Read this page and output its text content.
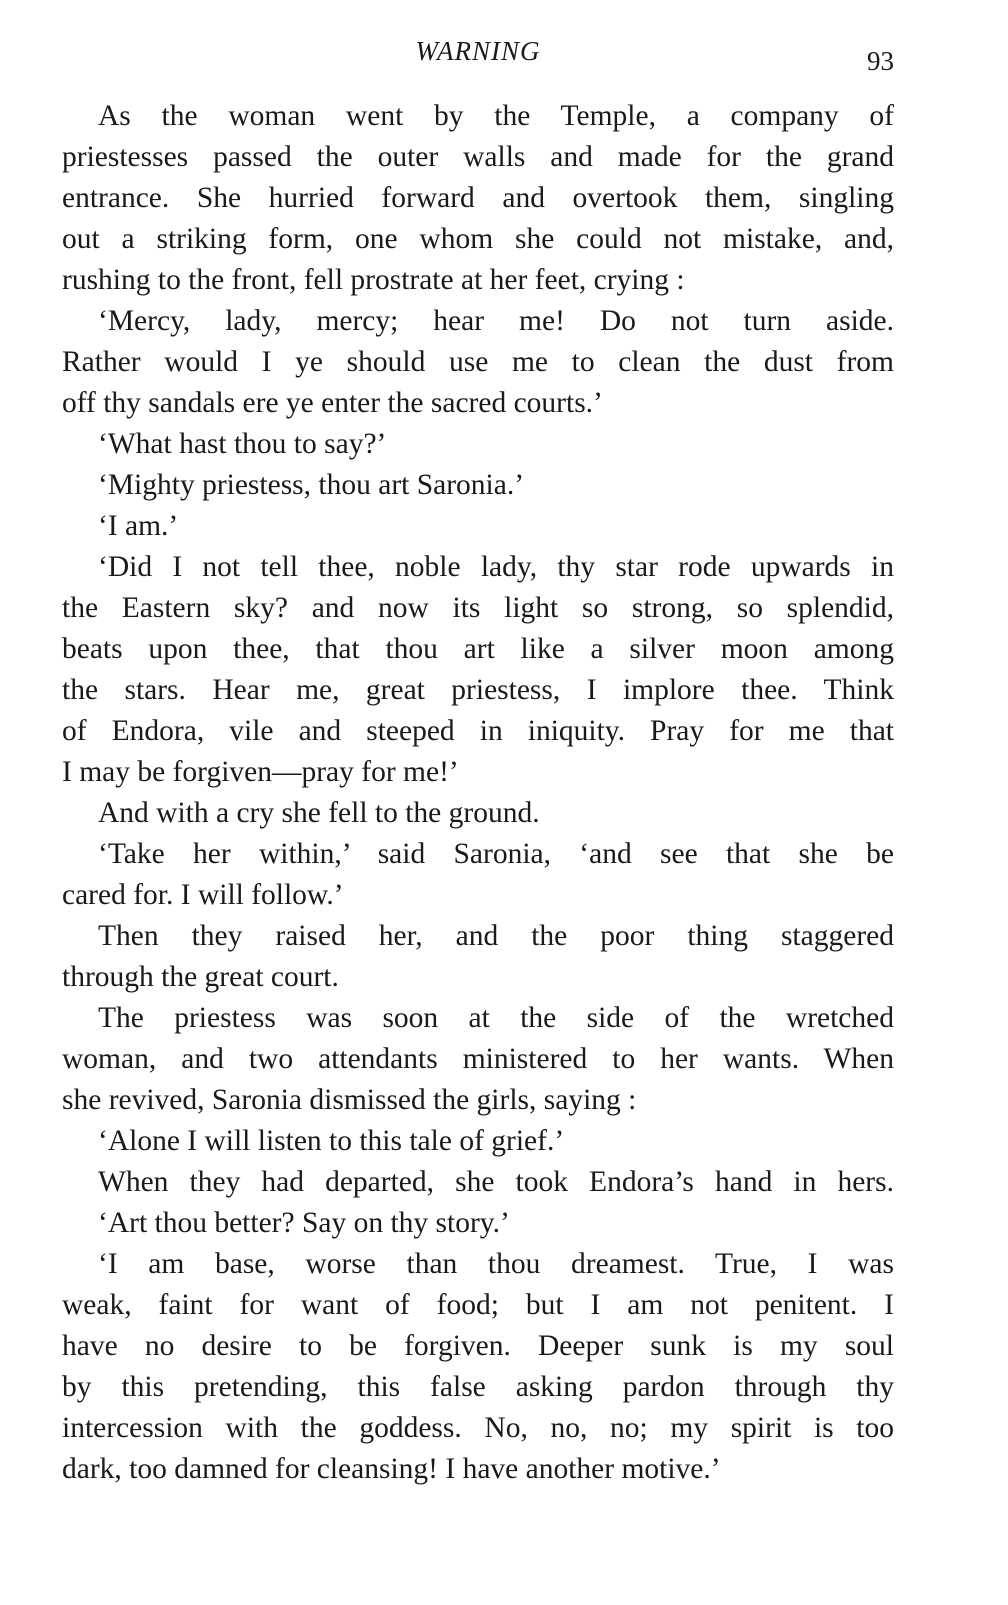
WARNING	93
As the woman went by the Temple, a company of
priestesses passed the outer walls and made for the grand
entrance. She hurried forward and overtook them, singling
out a striking form, one whom she could not mistake, and,
rushing to the front, fell prostrate at her feet, crying :
‘Mercy, lady, mercy; hear me! Do not turn aside.
Rather would I ye should use me to clean the dust from
off thy sandals ere ye enter the sacred courts.’
‘What hast thou to say?’
‘Mighty priestess, thou art Saronia.’
‘I am.’
‘Did I not tell thee, noble lady, thy star rode upwards in
the Eastern sky? and now its light so strong, so splendid,
beats upon thee, that thou art like a silver moon among
the stars. Hear me, great priestess, I implore thee. Think
of Endora, vile and steeped in iniquity. Pray for me that
I may be forgiven—pray for me!’
And with a cry she fell to the ground.
‘Take her within,’ said Saronia, ‘and see that she be
cared for. I will follow.’
Then they raised her, and the poor thing staggered
through the great court.
The priestess was soon at the side of the wretched
woman, and two attendants ministered to her wants. When
she revived, Saronia dismissed the girls, saying :
‘Alone I will listen to this tale of grief.’
When they had departed, she took Endora’s hand in hers.
‘Art thou better? Say on thy story.’
‘I am base, worse than thou dreamest. True, I was
weak, faint for want of food; but I am not penitent. I
have no desire to be forgiven. Deeper sunk is my soul
by this pretending, this false asking pardon through thy
intercession with the goddess. No, no, no; my spirit is too
dark, too damned for cleansing! I have another motive.’
